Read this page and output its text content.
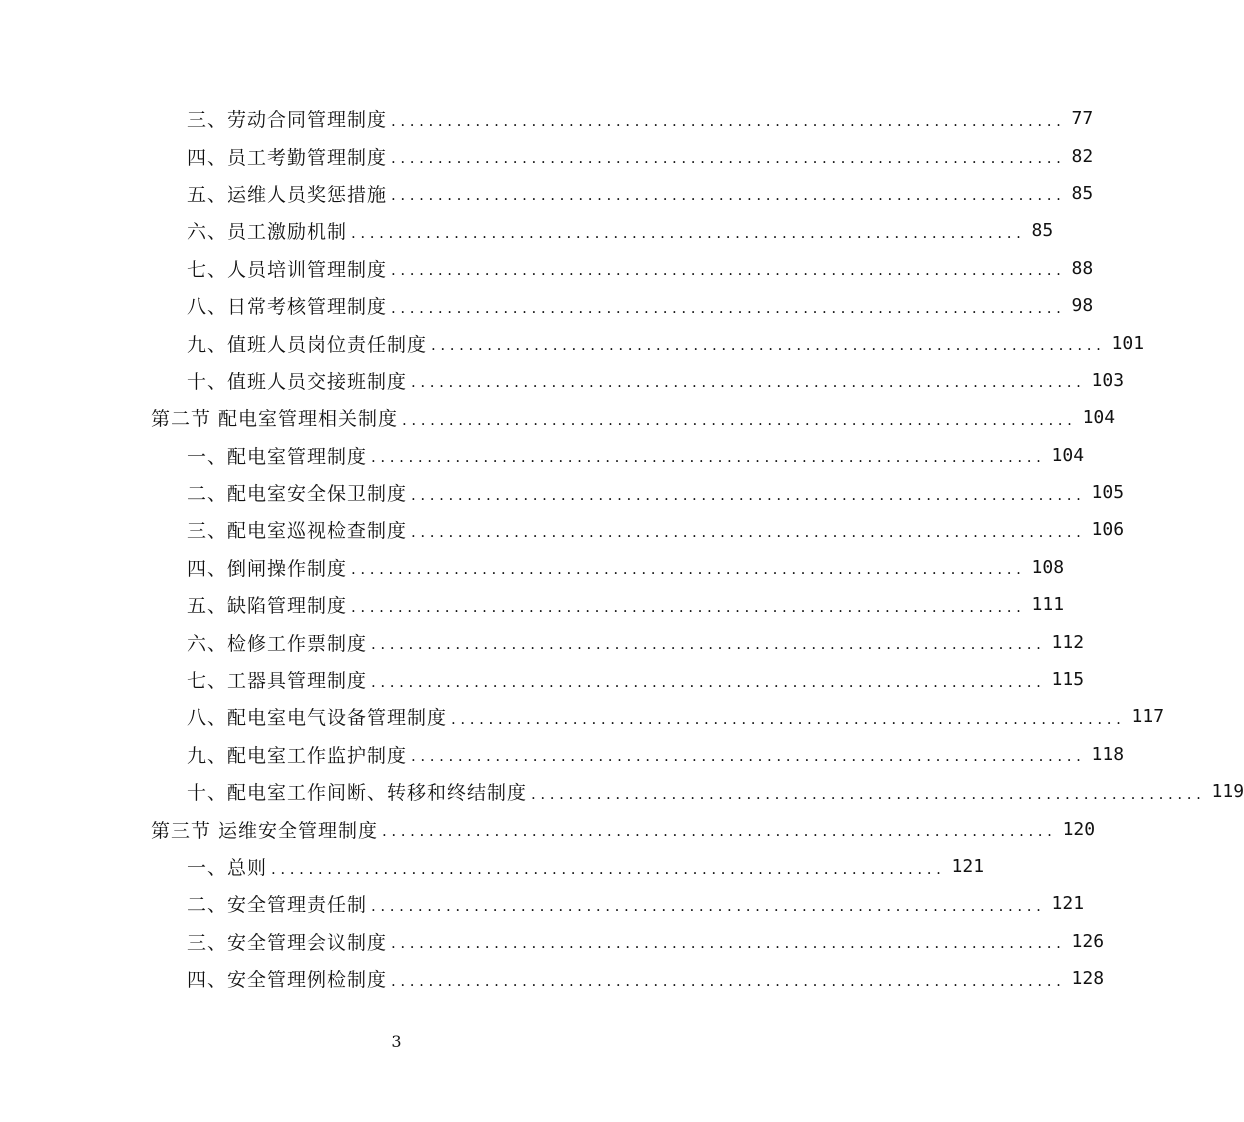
三、劳动合同管理制度 ........................................................................ 77
四、员工考勤管理制度 ........................................................................ 82
五、运维人员奖惩措施 ........................................................................ 85
六、员工激励机制 ........................................................................ 85
七、人员培训管理制度 ........................................................................ 88
八、日常考核管理制度 ........................................................................ 98
九、值班人员岗位责任制度 ........................................................................ 101
十、值班人员交接班制度 ........................................................................ 103
第二节 配电室管理相关制度 ........................................................................ 104
一、配电室管理制度 ........................................................................ 104
二、配电室安全保卫制度 ........................................................................ 105
三、配电室巡视检查制度 ........................................................................ 106
四、倒闸操作制度 ........................................................................ 108
五、缺陷管理制度 ........................................................................ 111
六、检修工作票制度 ........................................................................ 112
七、工器具管理制度 ........................................................................ 115
八、配电室电气设备管理制度 ........................................................................ 117
九、配电室工作监护制度 ........................................................................ 118
十、配电室工作间断、转移和终结制度 ........................................................................ 119
第三节 运维安全管理制度 ........................................................................ 120
一、总则 ........................................................................ 121
二、安全管理责任制 ........................................................................ 121
三、安全管理会议制度 ........................................................................ 126
四、安全管理例检制度 ........................................................................ 128
3
